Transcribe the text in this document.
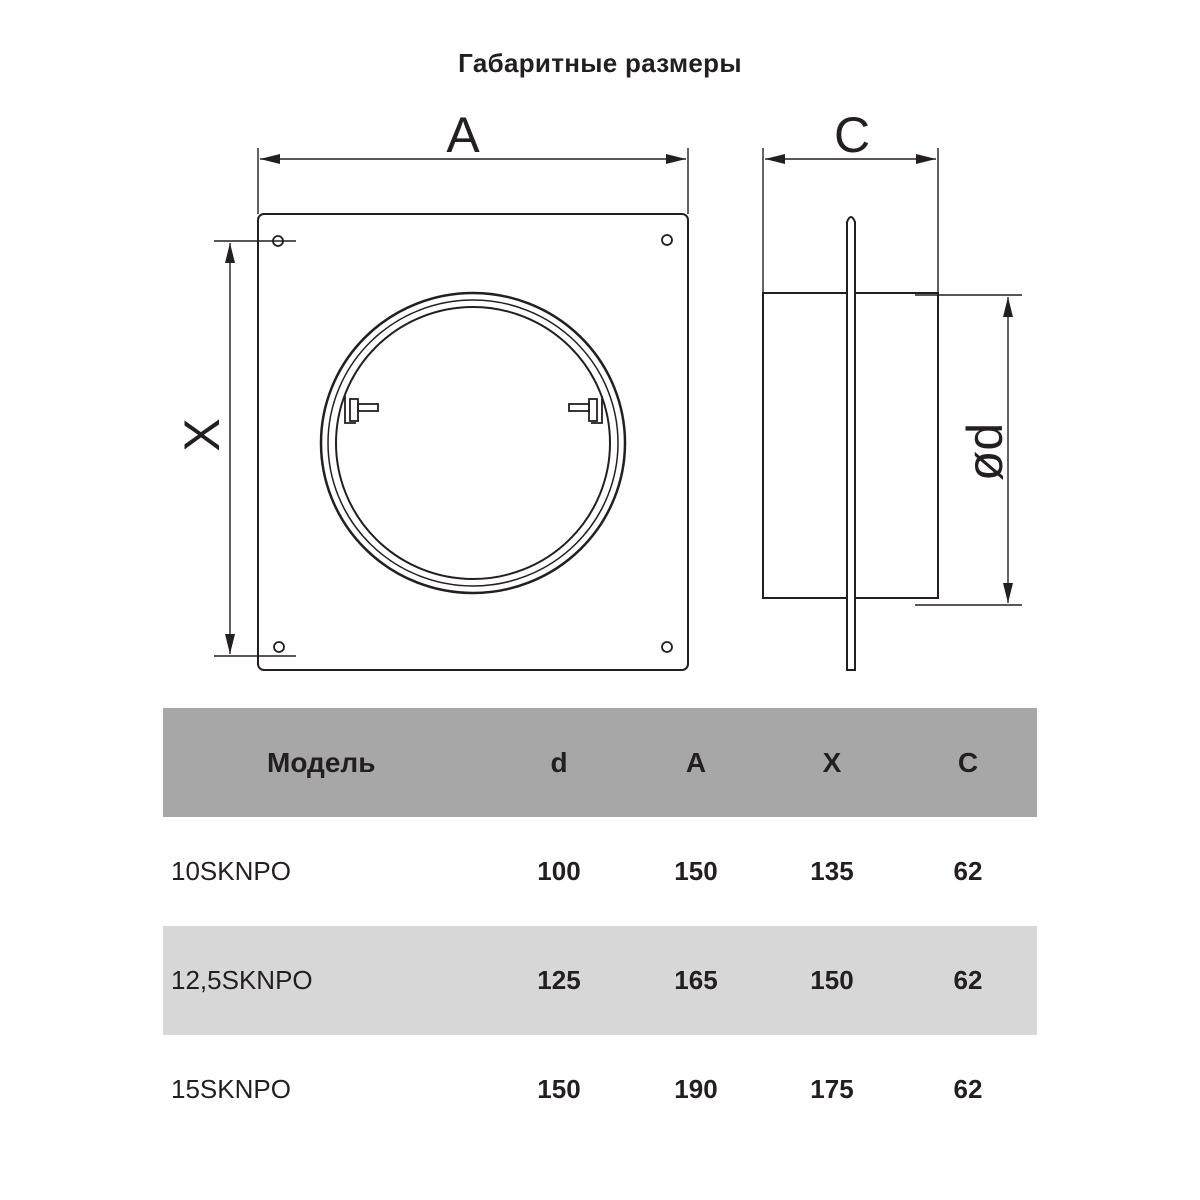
Габаритные размеры
A
X
C
ød
Модель	d	A	X	C
10SKNPO	100	150	135	62
12,5SKNPO	125	165	150	62
15SKNPO	150	190	175	62
